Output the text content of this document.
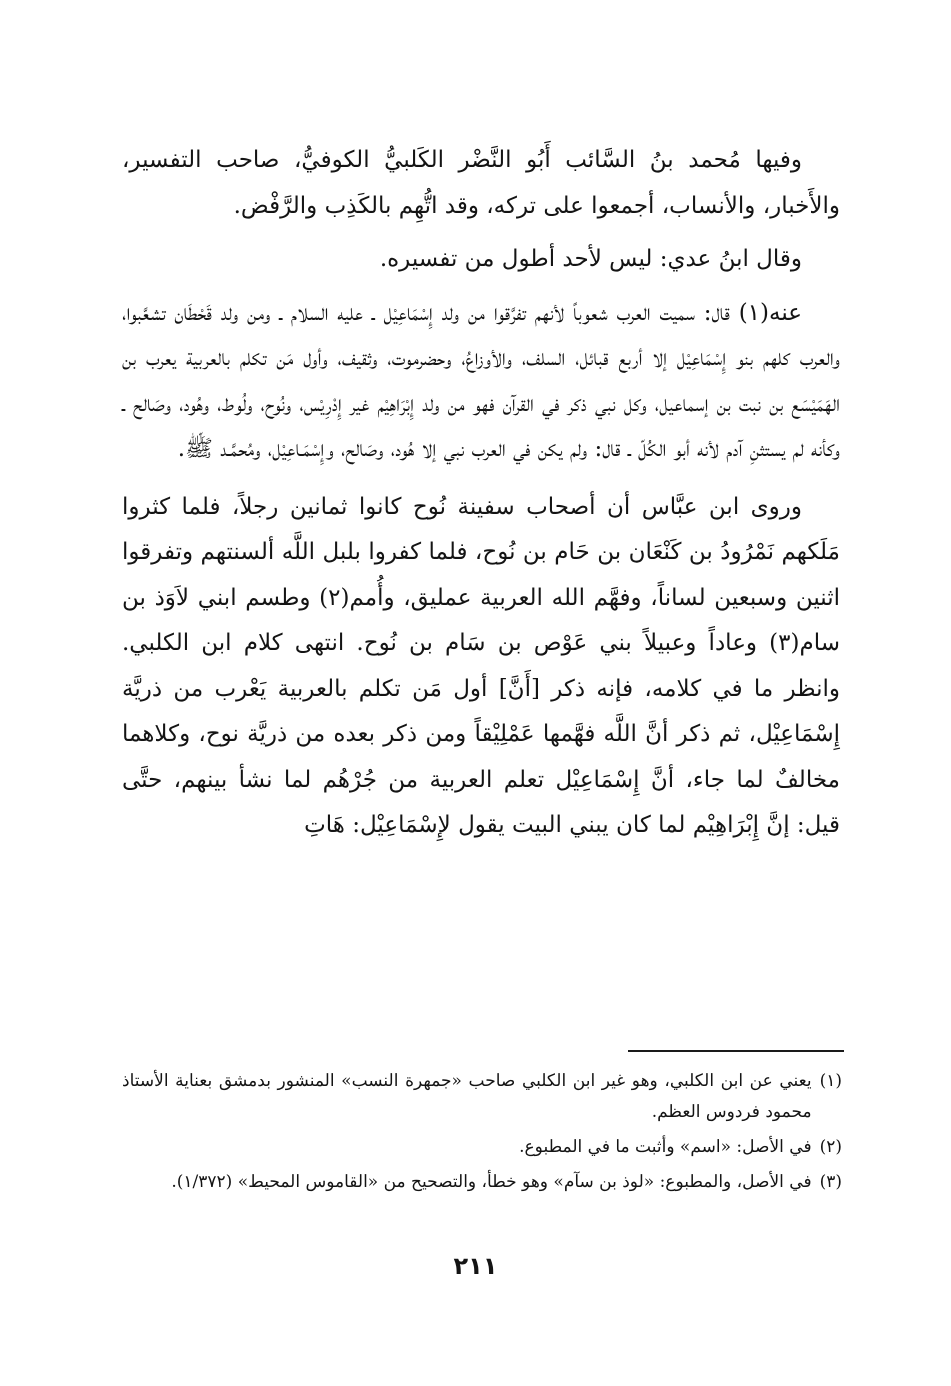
وفيها مُحمد بنُ السَّائب أَبُو النَّضْر الكَلبيُّ الكوفيُّ، صاحب التفسير، والأَخبار، والأنساب، أجمعوا على تركه، وقد اتُّهِم بالكَذِب والرَّفْض.

وقال ابنُ عدي: ليس لأحد أطول من تفسيره.

عنه(١) قال: سميت العرب شعوباً لأنهم تفرَّقوا من ولد إِسْمَاعِيْل ـ عليه السلام ـ ومن ولد قَحْطَان تشعَّبوا، والعرب كلهم بنو إِسْمَاعِيْل إلا أربع قبائل، السلف، والأوزاعُ، وحضرموت، وثقيف، وأول مَن تكلم بالعربية يعرب بن الهَمَيْسَع بن نبت بن إسماعيل، وكل نبي ذكر في القرآن فهو من ولد إِبْرَاهِيْم غير إِدْرِيْس، ونُوح، ولُوط، وهُود، وصَالح ـ وكأنه لم يستثنِ آدم لأنه أبو الكُلّ ـ قال: ولم يكن في العرب نبي إلا هُود، وصَالح، وإِسْمَـاعِيْل، ومُحمَّـد ﷺ.

وروى ابن عبَّاس أن أصحاب سفينة نُوح كانوا ثمانين رجلاً، فلما كثروا مَلَكهم نَمْرُودُ بن كَنْعَان بن حَام بن نُوح، فلما كفروا بلبل اللَّه ألسنتهم وتفرقوا اثنين وسبعين لساناً، وفهَّم الله العربية عمليق، وأُمم(٢) وطسم ابني لاَوَذ بن سام(٣) وعاداً وعبيلاً بني عَوْص بن سَام بن نُوح. انتهى كلام ابن الكلبي. وانظر ما في كلامه، فإنه ذكر [أَنَّ] أول مَن تكلم بالعربية يَعْرب من ذريَّة إِسْمَاعِيْل، ثم ذكر أنَّ اللَّه فهَّمها عَمْلِيْقاً ومن ذكر بعده من ذريَّة نوح، وكلاهما مخالفٌ لما جاء، أنَّ إِسْمَاعِيْل تعلم العربية من جُرْهُم لما نشأ بينهم، حتَّى قيل: إنَّ إِبْرَاهِيْم لما كان يبني البيت يقول لإِسْمَاعِيْل: هَاتِ

(١)
يعني عن ابن الكلبي، وهو غير ابن الكلبي صاحب «جمهرة النسب» المنشور بدمشق بعناية الأستاذ محمود فردوس العظم.
(٢)
في الأصل: «اسم» وأثبت ما في المطبوع.
(٣)
في الأصل، والمطبوع: «لوذ بن سآم» وهو خطأ، والتصحيح من «القاموس المحيط» (١/٣٧٢).
٢١١
